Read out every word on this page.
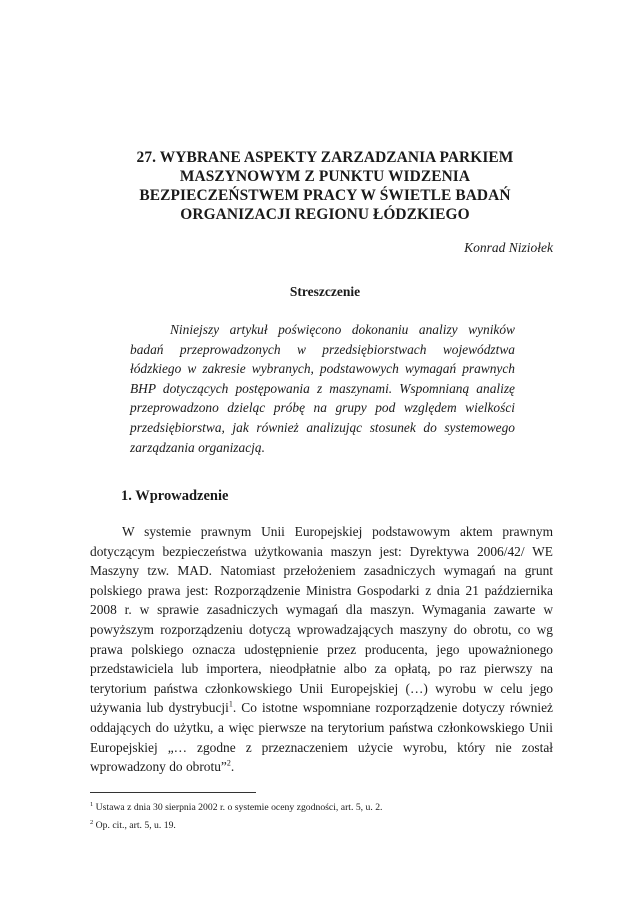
27. WYBRANE ASPEKTY ZARZADZANIA PARKIEM
MASZYNOWYM Z PUNKTU WIDZENIA
BEZPIECZEŃSTWEM PRACY W ŚWIETLE BADAŃ
ORGANIZACJI REGIONU ŁÓDZKIEGO
Konrad Niziołek
Streszczenie

Niniejszy artykuł poświęcono dokonaniu analizy wyników badań przeprowadzonych w przedsiębiorstwach województwa łódzkiego w zakresie wybranych, podstawowych wymagań prawnych BHP dotyczących postępowania z maszynami. Wspomnianą analizę przeprowadzono dzieląc próbę na grupy pod względem wielkości przedsiębiorstwa, jak również analizując stosunek do systemowego zarządzania organizacją.

1. Wprowadzenie

W systemie prawnym Unii Europejskiej podstawowym aktem prawnym dotyczącym bezpieczeństwa użytkowania maszyn jest: Dyrektywa 2006/42/ WE Maszyny tzw. MAD. Natomiast przełożeniem zasadniczych wymagań na grunt polskiego prawa jest: Rozporządzenie Ministra Gospodarki z dnia 21 października 2008 r. w sprawie zasadniczych wymagań dla maszyn. Wymagania zawarte w powyższym rozporządzeniu dotyczą wprowadzających maszyny do obrotu, co wg prawa polskiego oznacza udostępnienie przez producenta, jego upoważnionego przedstawiciela lub importera, nieodpłatnie albo za opłatą, po raz pierwszy na terytorium państwa członkowskiego Unii Europejskiej (…) wyrobu w celu jego używania lub dystrybucji$^1$. Co istotne wspomniane rozporządzenie dotyczy również oddających do użytku, a więc pierwsze na terytorium państwa członkowskiego Unii Europejskiej „… zgodne z przeznaczeniem użycie wyrobu, który nie został wprowadzony do obrotu”$^2$.

$^1$ Ustawa z dnia 30 sierpnia 2002 r. o systemie oceny zgodności, art. 5, u. 2.
$^2$ Op. cit., art. 5, u. 19.
